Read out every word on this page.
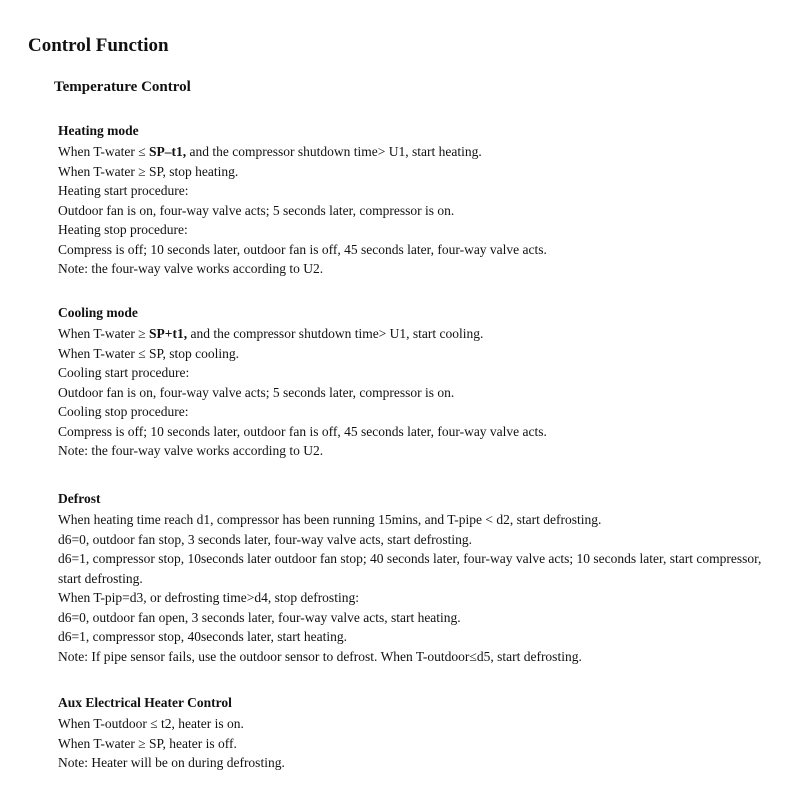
Control Function
Temperature Control
Heating mode

When T-water ≤ SP–t1, and the compressor shutdown time> U1, start heating.

When T-water ≥ SP, stop heating.

Heating start procedure:

Outdoor fan is on, four-way valve acts; 5 seconds later, compressor is on.

Heating stop procedure:

Compress is off; 10 seconds later, outdoor fan is off, 45 seconds later, four-way valve acts.

Note: the four-way valve works according to U2.

Cooling mode

When T-water ≥ SP+t1, and the compressor shutdown time> U1, start cooling.

When T-water ≤ SP, stop cooling.

Cooling start procedure:

Outdoor fan is on, four-way valve acts; 5 seconds later, compressor is on.

Cooling stop procedure:

Compress is off; 10 seconds later, outdoor fan is off, 45 seconds later, four-way valve acts.

Note: the four-way valve works according to U2.

Defrost

When heating time reach d1, compressor has been running 15mins, and T-pipe < d2, start defrosting.

d6=0, outdoor fan stop, 3 seconds later, four-way valve acts, start defrosting.

d6=1, compressor stop, 10seconds later outdoor fan stop; 40 seconds later, four-way valve acts; 10 seconds later, start compressor, start defrosting.

When T-pip=d3, or defrosting time>d4, stop defrosting:

d6=0, outdoor fan open, 3 seconds later, four-way valve acts, start heating.

d6=1, compressor stop, 40seconds later, start heating.

Note: If pipe sensor fails, use the outdoor sensor to defrost. When T-outdoor≤d5, start defrosting.

Aux Electrical Heater Control

When T-outdoor ≤ t2, heater is on.

When T-water ≥ SP, heater is off.

Note: Heater will be on during defrosting.
